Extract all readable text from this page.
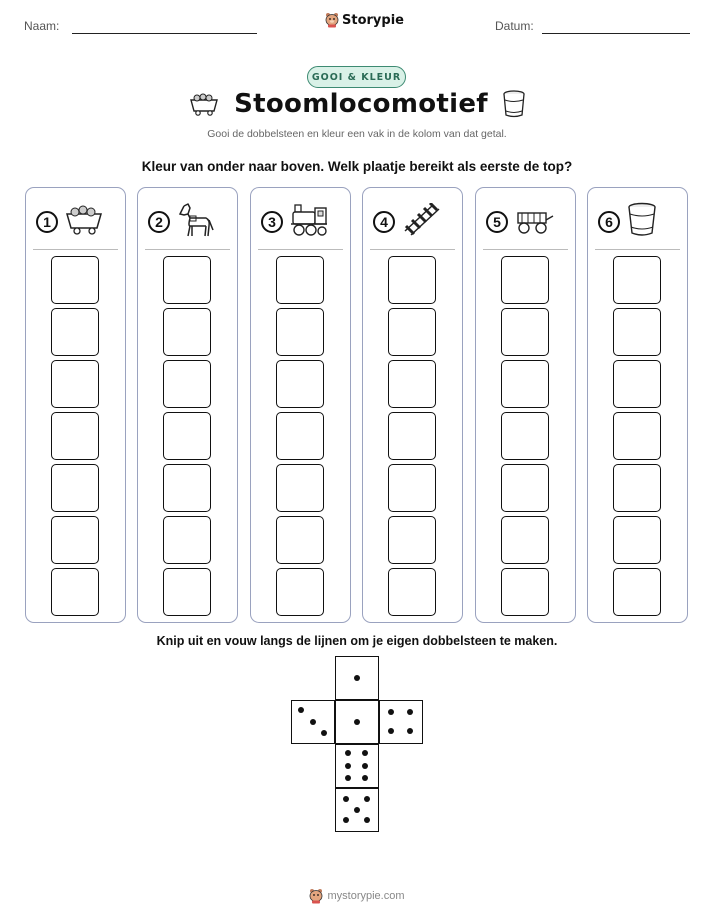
Naam:	Storypie	Datum:
GOOI & KLEUR
Stoomlocomotief
Gooi de dobbelsteen en kleur een vak in de kolom van dat getal.
Kleur van onder naar boven. Welk plaatje bereikt als eerste de top?
1	2	3	4	5	6
Knip uit en vouw langs de lijnen om je eigen dobbelsteen te maken.
mystorypie.com
